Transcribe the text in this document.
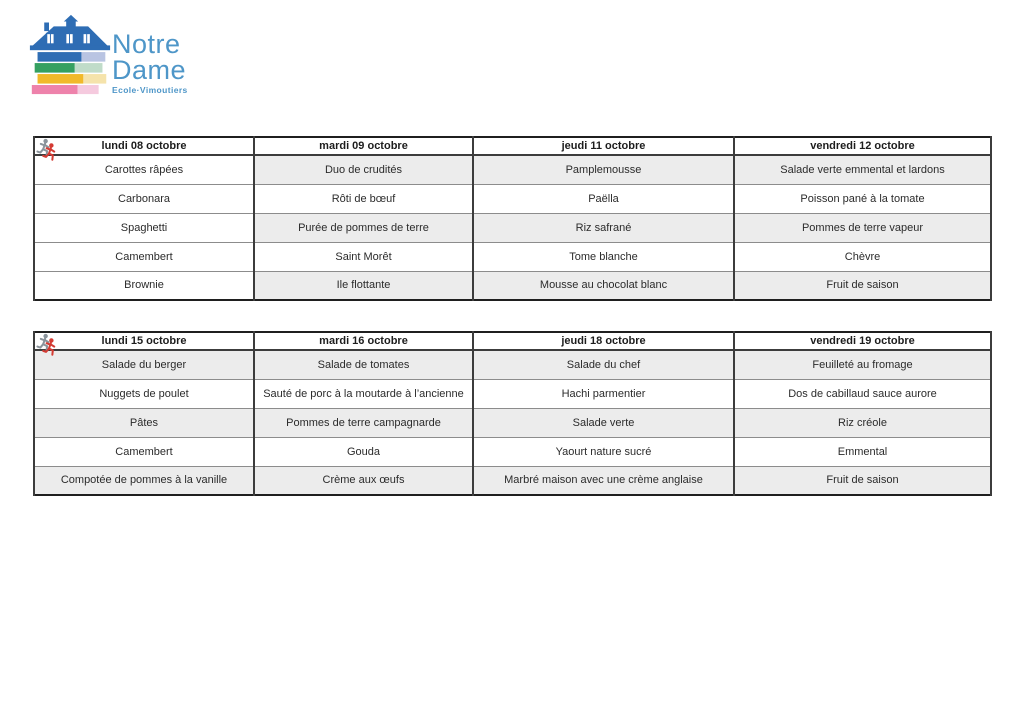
Notre
Dame
Ecole·Vimoutiers
lundi 08 octobre	mardi 09 octobre	jeudi 11 octobre	vendredi 12 octobre
Carottes râpées	Duo de crudités	Pamplemousse	Salade verte emmental et lardons
Carbonara	Rôti de bœuf	Paëlla	Poisson pané à la tomate
Spaghetti	Purée de pommes de terre	Riz safrané	Pommes de terre vapeur
Camembert	Saint Morêt	Tome blanche	Chèvre
Brownie	Ile flottante	Mousse au chocolat blanc	Fruit de saison
lundi 15 octobre	mardi 16 octobre	jeudi 18 octobre	vendredi 19 octobre
Salade du berger	Salade de tomates	Salade du chef	Feuilleté au fromage
Nuggets de poulet	Sauté de porc à la moutarde à l’ancienne	Hachi parmentier	Dos de cabillaud sauce aurore
Pâtes	Pommes de terre campagnarde	Salade verte	Riz créole
Camembert	Gouda	Yaourt nature sucré	Emmental
Compotée de pommes à la vanille	Crème aux œufs	Marbré maison avec une crème anglaise	Fruit de saison
